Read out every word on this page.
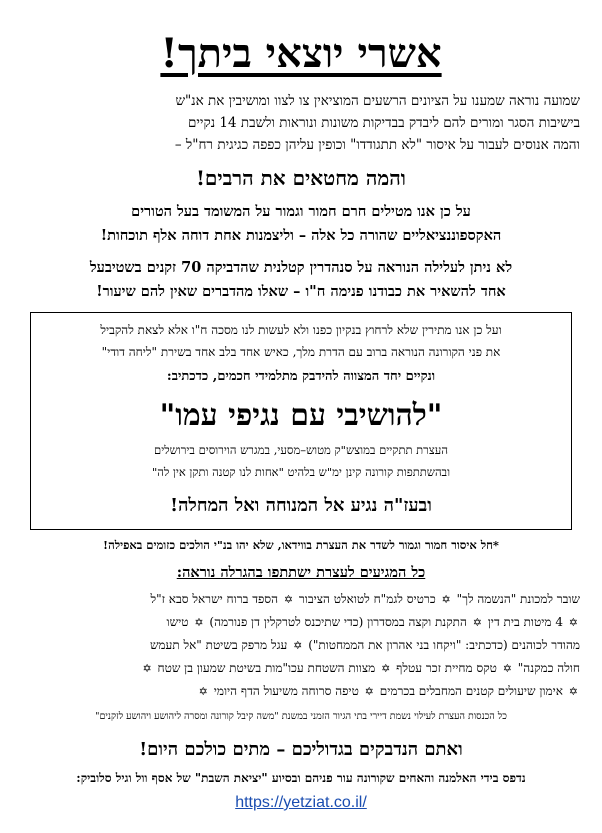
אשרי יוצאי ביתך!
שמועה נוראה שמענו על הציונים הרשעים המוציאין צו לצוו ומושיבין את אנ"ש
בישיבות הסגר ומורים להם ליבדק בבדיקות משונות ונוראות ולשבת 14 נקיים
והמה אנוסים לעבור על איסור "לא תתגודדו" וכופין עליהן כפפה כגיגית רח"ל –
והמה מחטאים את הרבים!
על כן אנו מטילים חרם חמור וגמור על המשומד בעל הטורים
האקספוננציאליים שהורה כל אלה – וליצמנות אחת דוחה אלף תוכחות!
לא ניתן לעלילה הנוראה על סנהדרין קטלנית שהדביקה 70 זקנים בשטיבעל
אחד להשאיר את כבודנו פנימה ח"ו – שאלו מהדברים שאין להם שיעור!
ועל כן אנו מתירין שלא לרחוץ בנקיון כפנו ולא לעשות לנו מסכה ח"ו אלא לצאת להקביל
את פני הקורונה הנוראה ברוב עם הדרת מלך, כאיש אחד בלב אחד בשירת "ליחה דודי"
ונקיים יחד המצווה להידבק מתלמידי חכמים, כדכתיב:
"להושיבי עם נגיפי עמו"
העצרת תתקיים במוצש"ק מטוש–מסעי, במגרש הוירוסים בירושלים
ובהשתתפות קורונה קינן ימ"ש בלהיט "אחות לנו קטנה ותקן אין לה"
ובעז"ה נגיע אל המנוחה ואל המחלה!
*חל איסור חמור וגמור לשדר את העצרת בווידאו, שלא יהו בנ"י הולכים כזומים באפילה!
כל המגיעים לעצרת ישתתפו בהגרלה נוראה:
שובר למכונת "הנשמה לך" ✡ כרטיס לגמ"ח לטואלט הציבור ✡ הספד ברוח ישראל סבא ז"ל
✡ 4 מיטות בית דין ✡ התקנת וקצה במסדרון (כדי שתיכנס לטרקלין דן פנורמה) ✡ טישו
מהודר לכוהנים (כדכתיב: "ויקחו בני אהרון את הממחטות") ✡ עגל מרפק בשיטת "אל תעמש
חולה כמקנה" ✡ טקס מחיית זכר עטלף ✡ מצוות השטחת עכו"מות בשיטת שמעון בן שטח ✡
✡ אימון שיעולים קטנים המחבלים בכרמים ✡ טיפה סרוחה משיעול הדף היומי ✡
כל הכנסות העצרת לעילוי נשמת דיירי בתי הגיור הזמני במשנת "משה קיבל קורונה ומסרה ליהושע ויהושע לזקנים"
ואתם הנדבקים בגדוליכם – מתים כולכם היום!
נדפס בידי האלמנה והאחים שקורונה עור פניהם ובסיוע "יציאת השבת" של אסף וול וגיל סלוביק:
https://yetziat.co.il/
